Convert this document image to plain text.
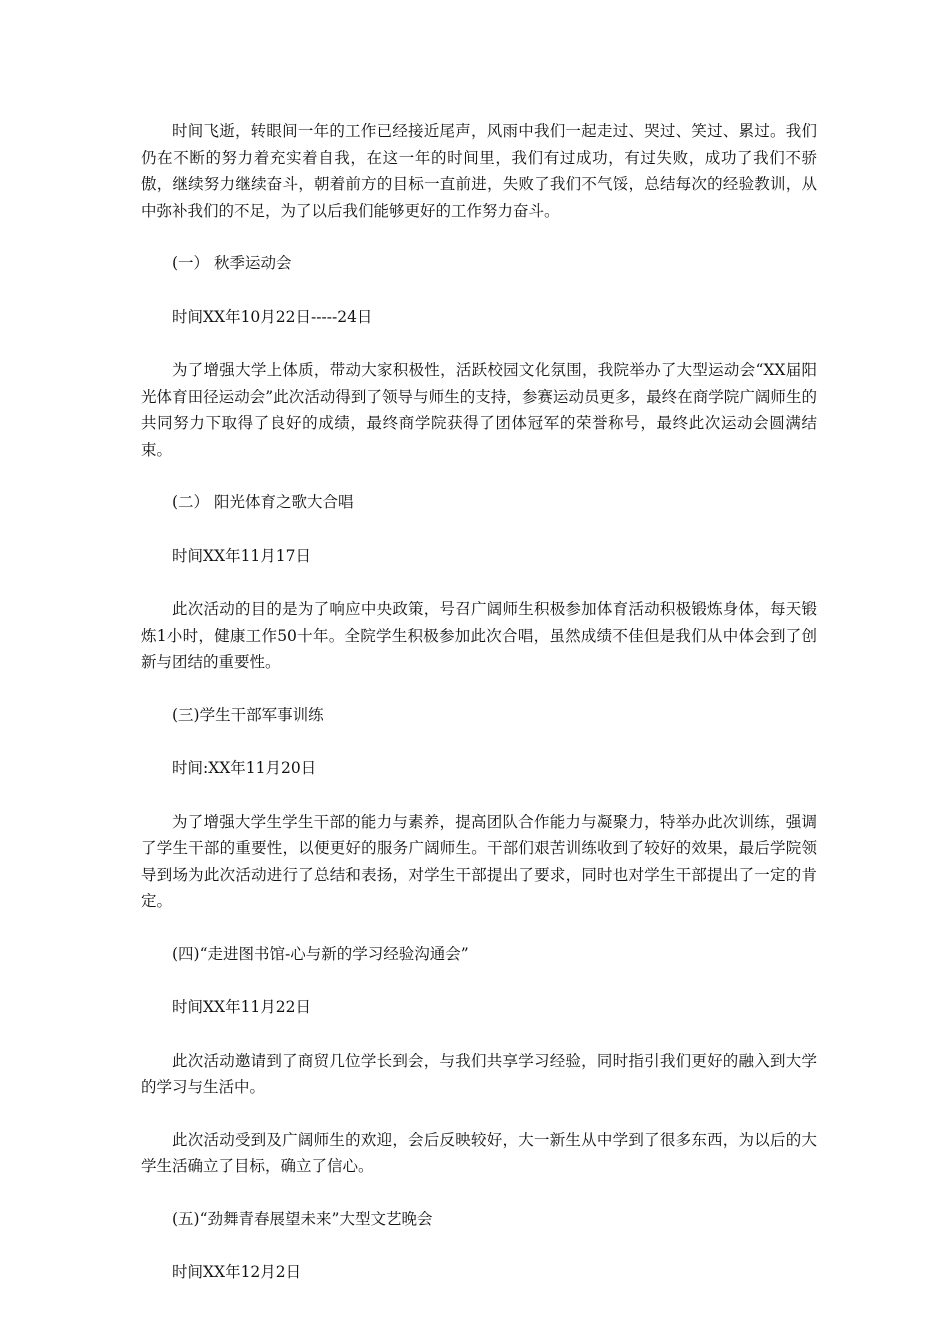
时间飞逝，转眼间一年的工作已经接近尾声，风雨中我们一起走过、哭过、笑过、累过。我们仍在不断的努力着充实着自我，在这一年的时间里，我们有过成功，有过失败，成功了我们不骄傲，继续努力继续奋斗，朝着前方的目标一直前进，失败了我们不气馁，总结每次的经验教训，从中弥补我们的不足，为了以后我们能够更好的工作努力奋斗。

(一） 秋季运动会

时间XX年10月22日-----24日

为了增强大学上体质，带动大家积极性，活跃校园文化氛围，我院举办了大型运动会“XX届阳光体育田径运动会”此次活动得到了领导与师生的支持，参赛运动员更多，最终在商学院广阔师生的共同努力下取得了良好的成绩，最终商学院获得了团体冠军的荣誉称号，最终此次运动会圆满结束。

(二） 阳光体育之歌大合唱

时间XX年11月17日

此次活动的目的是为了响应中央政策，号召广阔师生积极参加体育活动积极锻炼身体，每天锻炼1小时，健康工作50十年。全院学生积极参加此次合唱，虽然成绩不佳但是我们从中体会到了创新与团结的重要性。

(三)学生干部军事训练

时间:XX年11月20日

为了增强大学生学生干部的能力与素养，提高团队合作能力与凝聚力，特举办此次训练，强调了学生干部的重要性，以便更好的服务广阔师生。干部们艰苦训练收到了较好的效果，最后学院领导到场为此次活动进行了总结和表扬，对学生干部提出了要求，同时也对学生干部提出了一定的肯定。

(四)“走进图书馆-心与新的学习经验沟通会”

时间XX年11月22日

此次活动邀请到了商贸几位学长到会，与我们共享学习经验，同时指引我们更好的融入到大学的学习与生活中。

此次活动受到及广阔师生的欢迎，会后反映较好，大一新生从中学到了很多东西，为以后的大学生活确立了目标，确立了信心。

(五)“劲舞青春展望未来”大型文艺晚会

时间XX年12月2日
